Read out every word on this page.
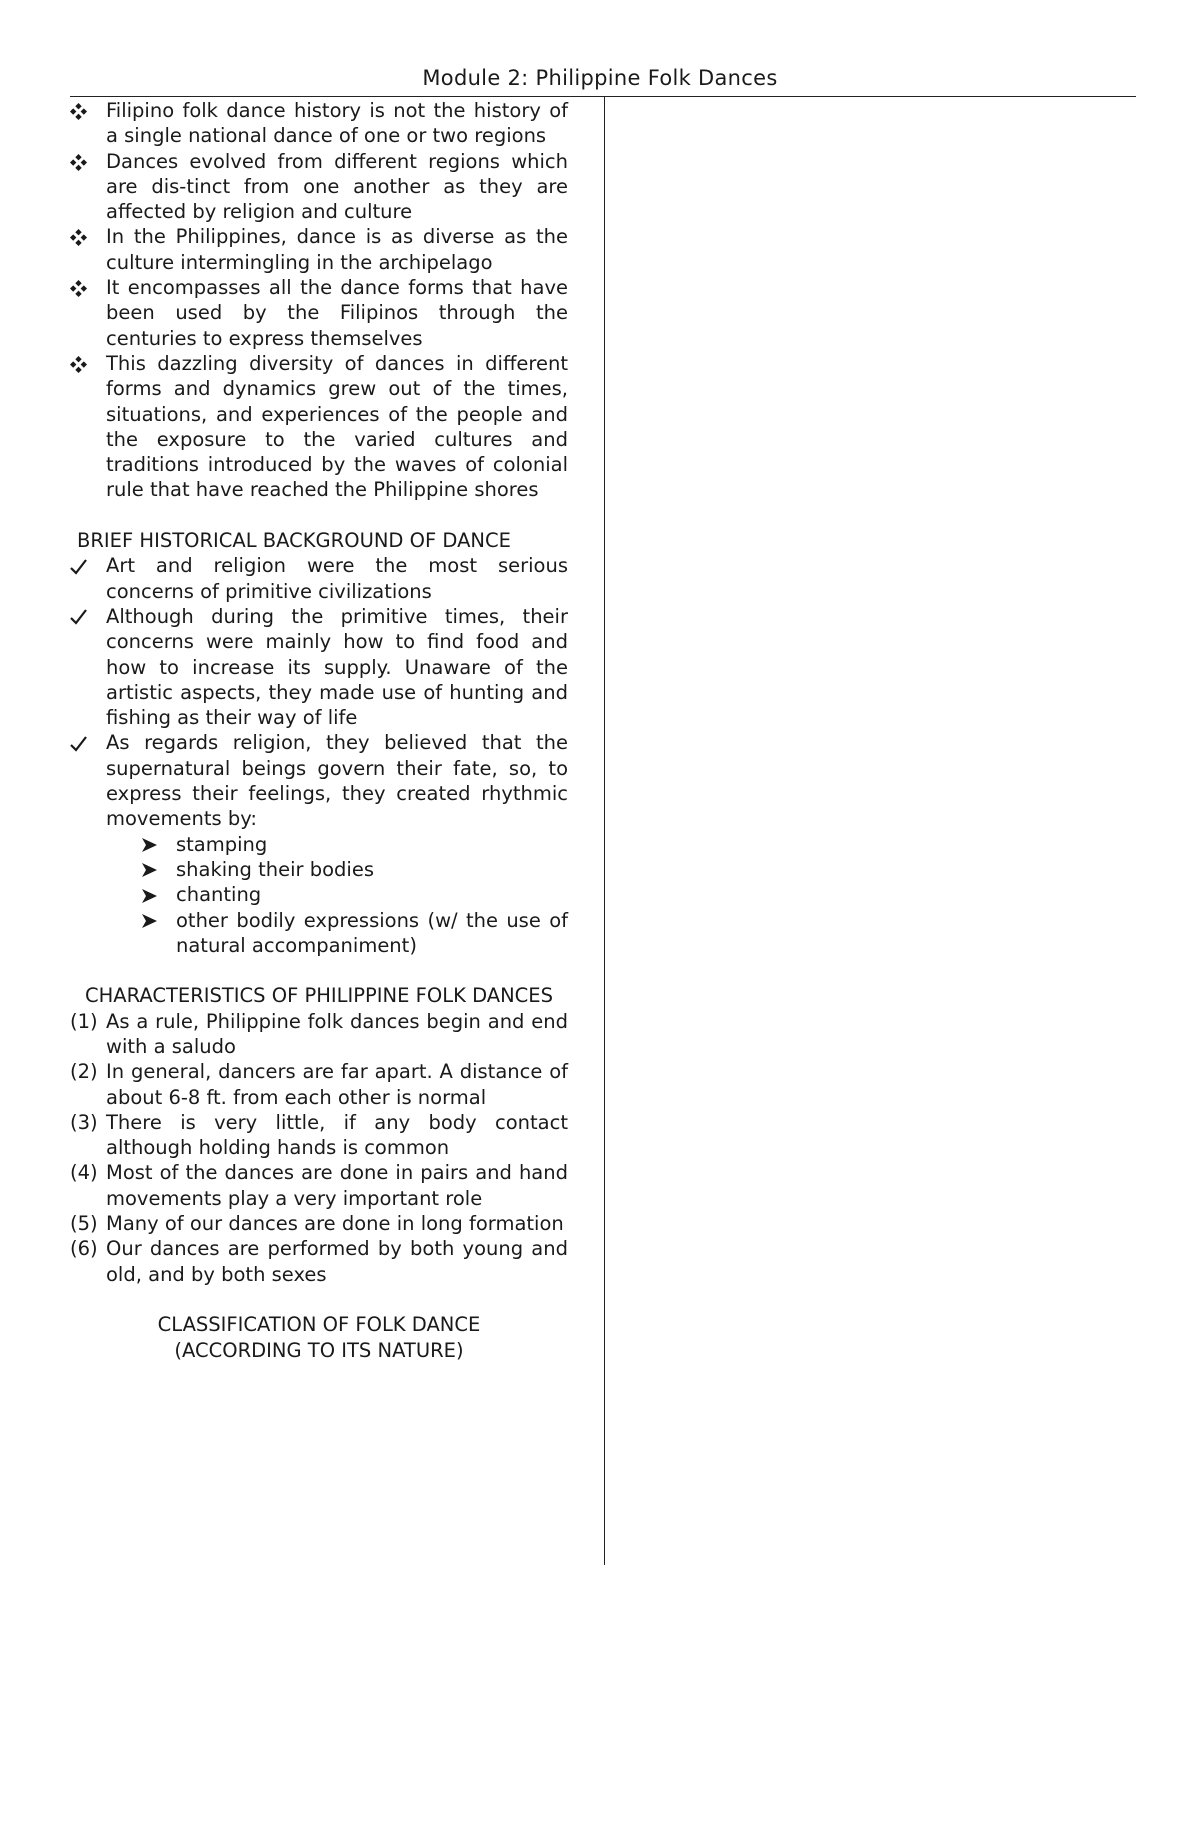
Module 2: Philippine Folk Dances
Filipino folk dance history is not the history of a single national dance of one or two regions
Dances evolved from different regions which are dis-tinct from one another as they are affected by religion and culture
In the Philippines, dance is as diverse as the culture intermingling in the archipelago
It encompasses all the dance forms that have been used by the Filipinos through the centuries to express themselves
This dazzling diversity of dances in different forms and dynamics grew out of the times, situations, and experiences of the people and the exposure to the varied cultures and traditions introduced by the waves of colonial rule that have reached the Philippine shores
BRIEF HISTORICAL BACKGROUND OF DANCE
Art and religion were the most serious concerns of primitive civilizations
Although during the primitive times, their concerns were mainly how to find food and how to increase its supply. Unaware of the artistic aspects, they made use of hunting and fishing as their way of life
As regards religion, they believed that the supernatural beings govern their fate, so, to express their feelings, they created rhythmic movements by:
stamping
shaking their bodies
chanting
other bodily expressions (w/ the use of natural accompaniment)
CHARACTERISTICS OF PHILIPPINE FOLK DANCES
(1) As a rule, Philippine folk dances begin and end with a saludo
(2) In general, dancers are far apart. A distance of about 6-8 ft. from each other is normal
(3) There is very little, if any body contact although holding hands is common
(4) Most of the dances are done in pairs and hand movements play a very important role
(5) Many of our dances are done in long formation
(6) Our dances are performed by both young and old, and by both sexes
CLASSIFICATION OF FOLK DANCE (ACCORDING TO ITS NATURE)
